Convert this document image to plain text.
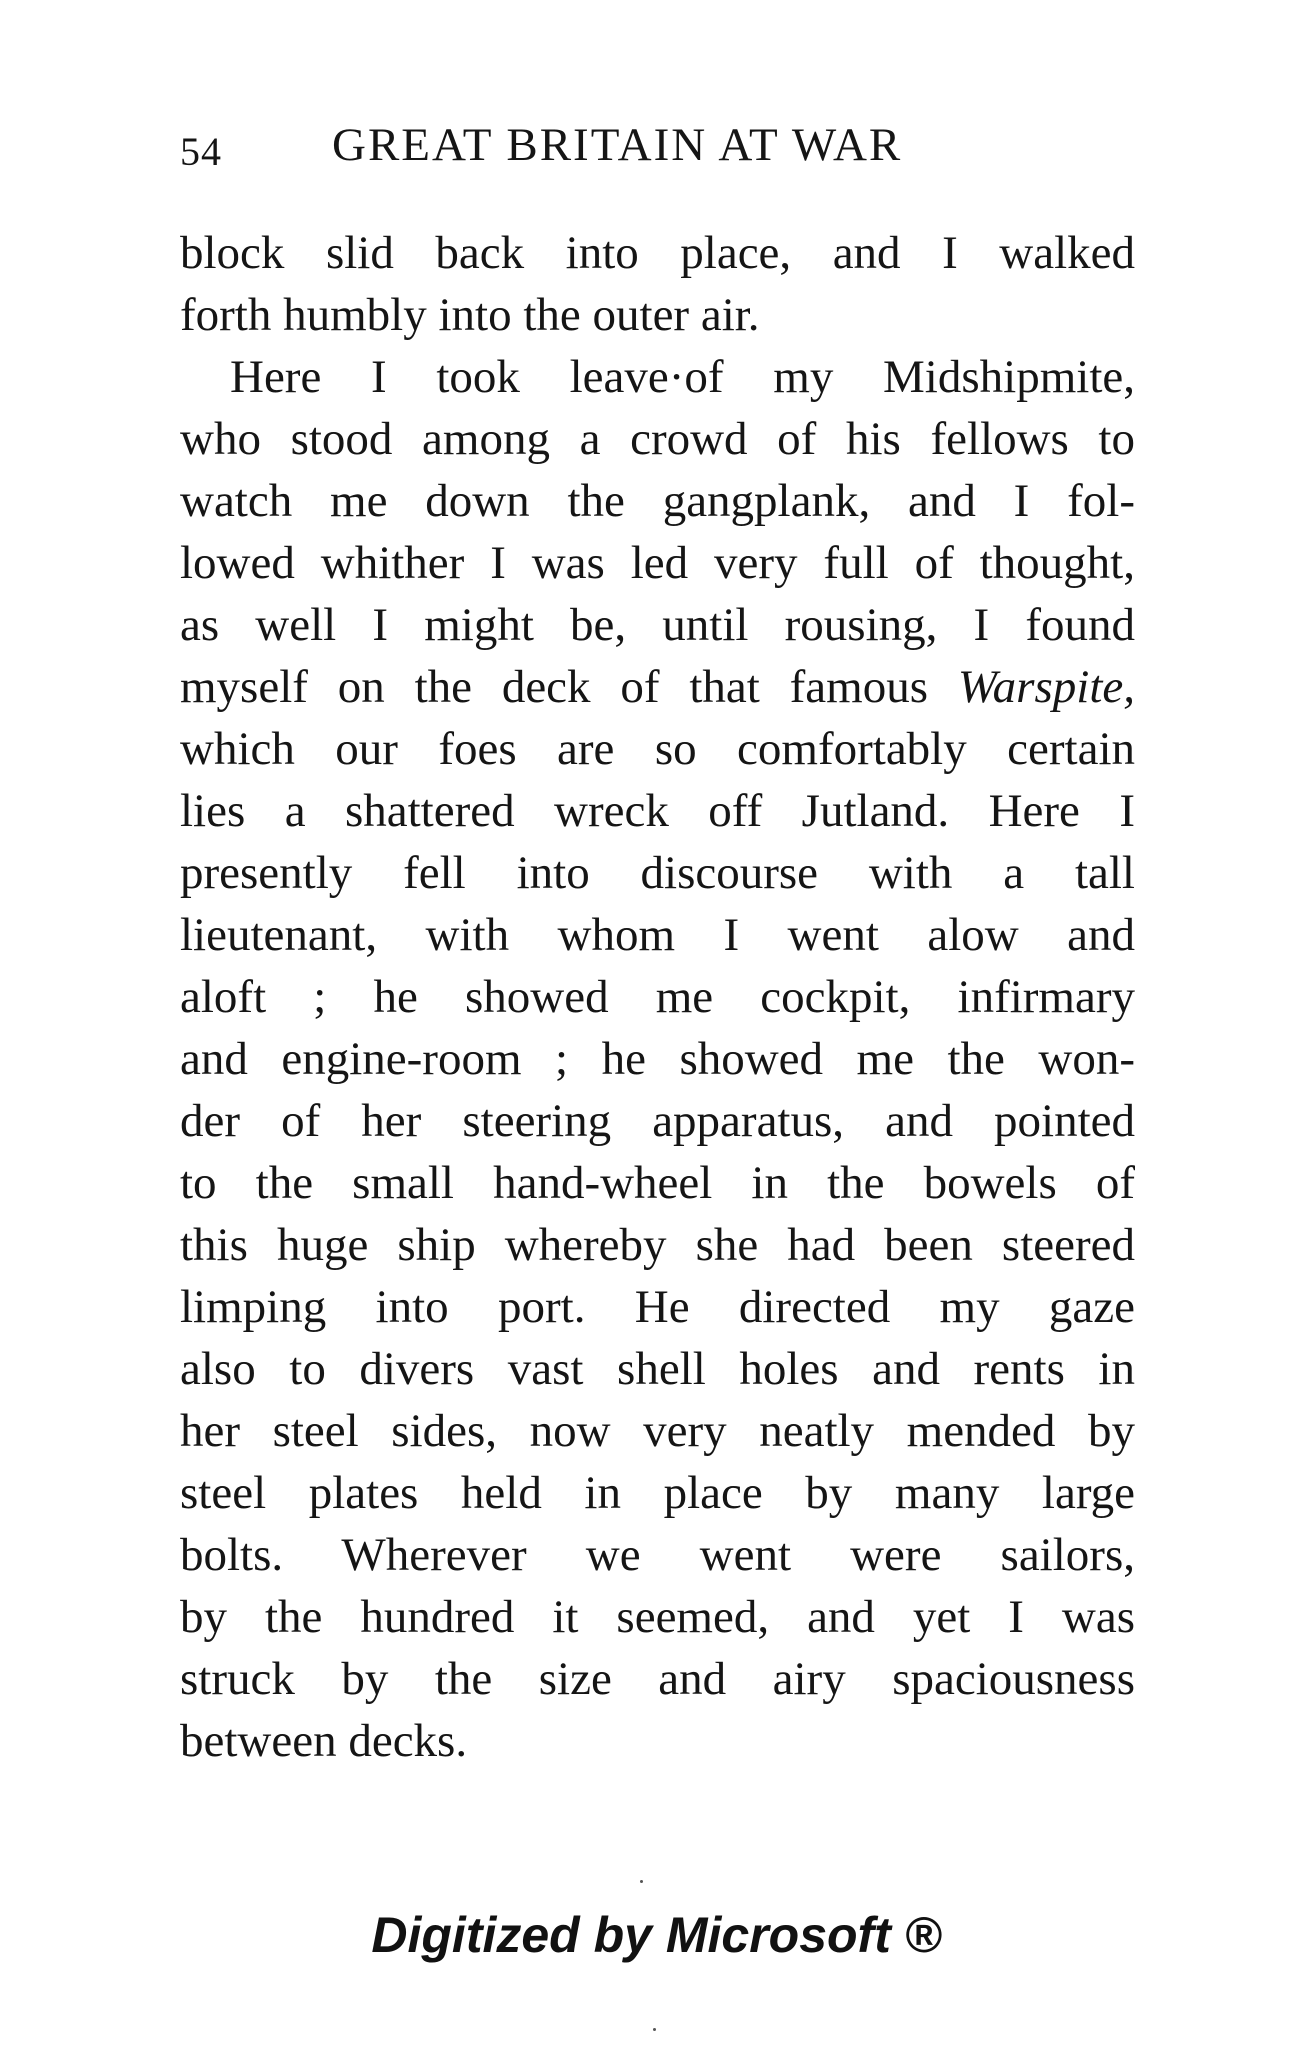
54 GREAT BRITAIN AT WAR
block slid back into place, and I walked
forth humbly into the outer air.
Here I took leave·of my Midshipmite,
who stood among a crowd of his fellows to
watch me down the gangplank, and I fol-
lowed whither I was led very full of thought,
as well I might be, until rousing, I found
myself on the deck of that famous Warspite,
which our foes are so comfortably certain
lies a shattered wreck off Jutland. Here I
presently fell into discourse with a tall
lieutenant, with whom I went alow and
aloft ; he showed me cockpit, infirmary
and engine-room ; he showed me the won-
der of her steering apparatus, and pointed
to the small hand-wheel in the bowels of
this huge ship whereby she had been steered
limping into port. He directed my gaze
also to divers vast shell holes and rents in
her steel sides, now very neatly mended by
steel plates held in place by many large
bolts. Wherever we went were sailors,
by the hundred it seemed, and yet I was
struck by the size and airy spaciousness
between decks.
Digitized by Microsoft ®
